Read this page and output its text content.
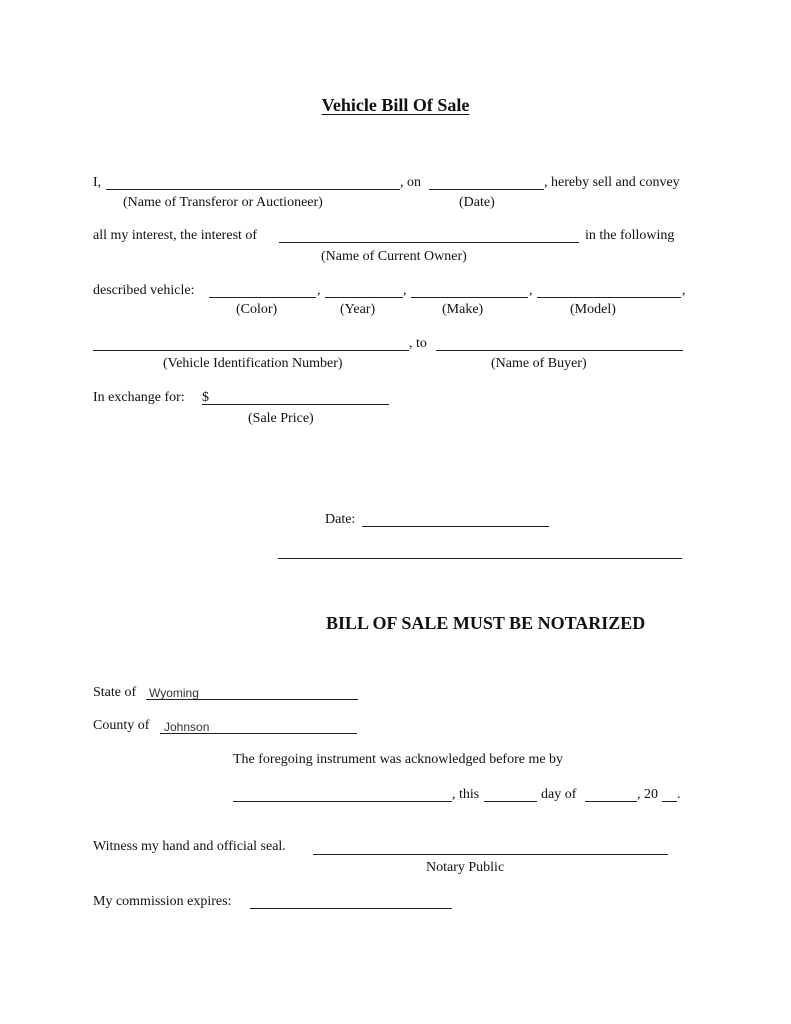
Vehicle Bill Of Sale
I,	, on	, hereby sell and convey
(Name of Transferor or Auctioneer)	(Date)
all my interest, the interest of	in the following
(Name of Current Owner)
described vehicle:	,	,	,	,
(Color)	(Year)	(Make)	(Model)
, to
(Vehicle Identification Number)	(Name of Buyer)
In exchange for: $
(Sale Price)
Date:
BILL OF SALE MUST BE NOTARIZED
State of Wyoming
County of Johnson
The foregoing instrument was acknowledged before me by
, this	day of	, 20 .
Witness my hand and official seal.
Notary Public
My commission expires:
